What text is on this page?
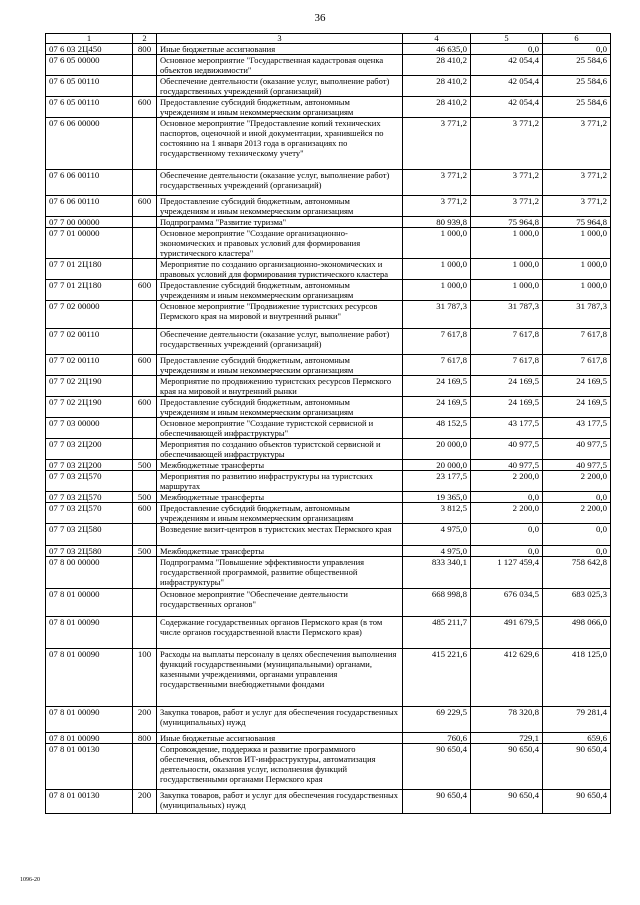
36
1	2	3	4	5	6
07 6 03 2Ц450	800	Иные бюджетные ассигнования	46 635,0	0,0	0,0
07 6 05 00000		Основное мероприятие "Государственная кадастровая оценка объектов недвижимости"	28 410,2	42 054,4	25 584,6
07 6 05 00110		Обеспечение деятельности (оказание услуг, выполнение работ) государственных учреждений (организаций)	28 410,2	42 054,4	25 584,6
07 6 05 00110	600	Предоставление субсидий бюджетным, автономным учреждениям и иным некоммерческим организациям	28 410,2	42 054,4	25 584,6
07 6 06 00000		Основное мероприятие "Предоставление копий технических паспортов, оценочной и иной документации, хранившейся по состоянию на 1 января 2013 года в организациях по государственному техническому учету"	3 771,2	3 771,2	3 771,2
07 6 06 00110		Обеспечение деятельности (оказание услуг, выполнение работ) государственных учреждений (организаций)	3 771,2	3 771,2	3 771,2
07 6 06 00110	600	Предоставление субсидий бюджетным, автономным учреждениям и иным некоммерческим организациям	3 771,2	3 771,2	3 771,2
07 7 00 00000		Подпрограмма "Развитие туризма"	80 939,8	75 964,8	75 964,8
07 7 01 00000		Основное мероприятие "Создание организационно-экономических и правовых условий для формирования туристического кластера"	1 000,0	1 000,0	1 000,0
07 7 01 2Ц180		Мероприятие по созданию организационно-экономических и правовых условий для формирования туристического кластера	1 000,0	1 000,0	1 000,0
07 7 01 2Ц180	600	Предоставление субсидий бюджетным, автономным учреждениям и иным некоммерческим организациям	1 000,0	1 000,0	1 000,0
07 7 02 00000		Основное мероприятие "Продвижение туристских ресурсов Пермского края на мировой и внутренний рынки"	31 787,3	31 787,3	31 787,3
07 7 02 00110		Обеспечение деятельности (оказание услуг, выполнение работ) государственных учреждений (организаций)	7 617,8	7 617,8	7 617,8
07 7 02 00110	600	Предоставление субсидий бюджетным, автономным учреждениям и иным некоммерческим организациям	7 617,8	7 617,8	7 617,8
07 7 02 2Ц190		Мероприятие по продвижению туристских ресурсов Пермского края на мировой и внутренний рынки	24 169,5	24 169,5	24 169,5
07 7 02 2Ц190	600	Предоставление субсидий бюджетным, автономным учреждениям и иным некоммерческим организациям	24 169,5	24 169,5	24 169,5
07 7 03 00000		Основное мероприятие "Создание туристской сервисной и обеспечивающей инфраструктуры"	48 152,5	43 177,5	43 177,5
07 7 03 2Ц200		Мероприятия по созданию объектов туристской сервисной и обеспечивающей инфраструктуры	20 000,0	40 977,5	40 977,5
07 7 03 2Ц200	500	Межбюджетные трансферты	20 000,0	40 977,5	40 977,5
07 7 03 2Ц570		Мероприятия по развитию инфраструктуры на туристских маршрутах	23 177,5	2 200,0	2 200,0
07 7 03 2Ц570	500	Межбюджетные трансферты	19 365,0	0,0	0,0
07 7 03 2Ц570	600	Предоставление субсидий бюджетным, автономным учреждениям и иным некоммерческим организациям	3 812,5	2 200,0	2 200,0
07 7 03 2Ц580		Возведение визит-центров в туристских местах Пермского края	4 975,0	0,0	0,0
07 7 03 2Ц580	500	Межбюджетные трансферты	4 975,0	0,0	0,0
07 8 00 00000		Подпрограмма "Повышение эффективности управления государственной программой, развитие общественной инфраструктуры"	833 340,1	1 127 459,4	758 642,8
07 8 01 00000		Основное мероприятие "Обеспечение деятельности государственных органов"	668 998,8	676 034,5	683 025,3
07 8 01 00090		Содержание государственных органов Пермского края (в том числе органов государственной власти Пермского края)	485 211,7	491 679,5	498 066,0
07 8 01 00090	100	Расходы на выплаты персоналу в целях обеспечения выполнения функций государственными (муниципальными) органами, казенными учреждениями, органами управления государственными внебюджетными фондами	415 221,6	412 629,6	418 125,0
07 8 01 00090	200	Закупка товаров, работ и услуг для обеспечения государственных (муниципальных) нужд	69 229,5	78 320,8	79 281,4
07 8 01 00090	800	Иные бюджетные ассигнования	760,6	729,1	659,6
07 8 01 00130		Сопровождение, поддержка и развитие программного обеспечения, объектов ИТ-инфраструктуры, автоматизация деятельности, оказания услуг, исполнения функций государственными органами Пермского края	90 650,4	90 650,4	90 650,4
07 8 01 00130	200	Закупка товаров, работ и услуг для обеспечения государственных (муниципальных) нужд	90 650,4	90 650,4	90 650,4
1096-20
